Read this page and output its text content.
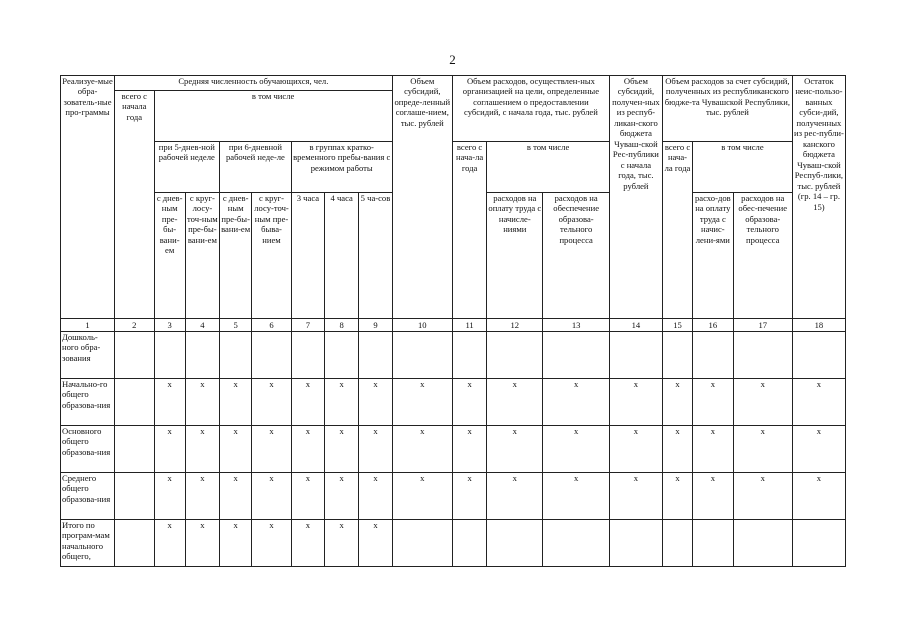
2
Реализуе-мые обра-зователь-ные про-граммы	Средняя численность обучающихся, чел.								Объем субсидий, опреде-ленный соглаше-нием, тыс. рублей	Объем расходов, осуществлен-ных организацией на цели, определенные соглашением о предоставлении субсидий, с начала года, тыс. рублей			Объем субсидий, получен-ных из респуб-ликан-ского бюджета Чуваш-ской Рес-публики с начала года, тыс. рублей	Объем расходов за счет субсидий, полученных из республиканского бюдже-та Чувашской Республики, тыс. рублей			Остаток неис-пользо-ванных субси-дий, полученных из рес-публи-канского бюджета Чуваш-ской Респуб-лики, тыс. рублей (гр. 14 – гр. 15)
	всего с начала года	в том числе															
		при 5-днев-ной рабочей неделе		при 6-дневной рабочей неде-ле		в группах кратко-временного пребы-вания с режимом работы				всего с нача-ла года	в том числе			всего с нача-ла года	в том числе		
		с днев-ным пре-бы-вани-ем	с круг-лосу-точ-ным пре-бы-вани-ем	с днев-ным пре-бы-вани-ем	с круг-лосу-точ-ным пре-быва-нием	3 часа	4 часа	5 ча-сов			расходов на оплату труда с начисле-ниями	расходов на обеспечение образова-тельного процесса			расхо-дов на оплату труда с начис-лени-ями	расходов на обес-печение образова-тельного процесса	
1	2	3	4	5	6	7	8	9	10	11	12	13	14	15	16	17	18
Дошколь-ного обра-зования																	
Начально-го общего образова-ния		x	x	x	x	x	x	x	x	x	x	x	x	x	x	x	x
Основного общего образова-ния		x	x	x	x	x	x	x	x	x	x	x	x	x	x	x	x
Среднего общего образова-ния		x	x	x	x	x	x	x	x	x	x	x	x	x	x	x	x
Итого по програм-мам начального общего,		x	x	x	x	x	x	x									
